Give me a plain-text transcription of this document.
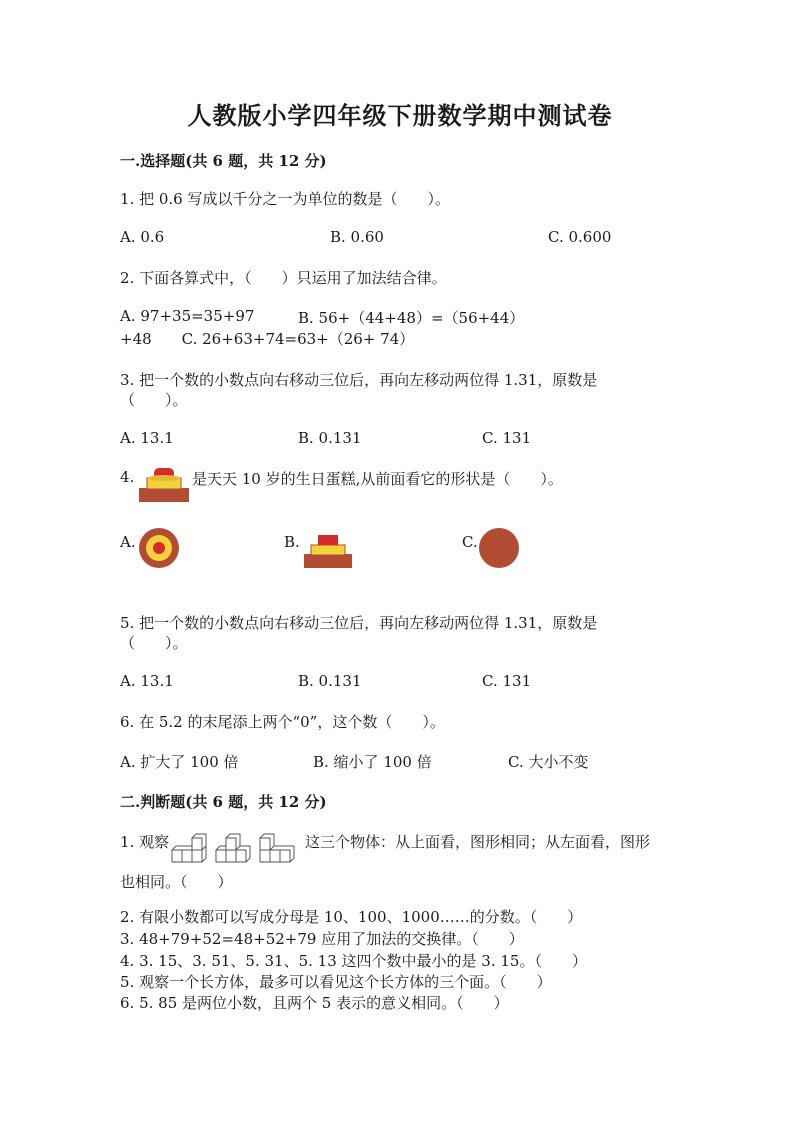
人教版小学四年级下册数学期中测试卷
一.选择题(共 6 题，共 12 分)
1. 把 0.6 写成以千分之一为单位的数是（　　）。
A. 0.6	B. 0.60	C. 0.600
2. 下面各算式中，（　　）只运用了加法结合律。
A. 97+35=35+97	B. 56+（44+48）=（56+44）
+48　　C. 26+63+74=63+（26+ 74）
3. 把一个数的小数点向右移动三位后，再向左移动两位得 1.31，原数是
（　　）。
A. 13.1	B. 0.131	C. 131
4.	是天天 10 岁的生日蛋糕,从前面看它的形状是（　　）。
A.	B.	C.
5. 把一个数的小数点向右移动三位后，再向左移动两位得 1.31，原数是
（　　）。
A. 13.1	B. 0.131	C. 131
6. 在 5.2 的末尾添上两个“0”，这个数（　　）。
A. 扩大了 100 倍	B. 缩小了 100 倍	C. 大小不变
二.判断题(共 6 题，共 12 分)
1. 观察	这三个物体：从上面看，图形相同；从左面看，图形
也相同。（　　）
2. 有限小数都可以写成分母是 10、100、1000……的分数。（　　）
3. 48+79+52=48+52+79 应用了加法的交换律。（　　）
4. 3. 15、3. 51、5. 31、5. 13 这四个数中最小的是 3. 15。（　　）
5. 观察一个长方体，最多可以看见这个长方体的三个面。（　　）
6. 5. 85 是两位小数，且两个 5 表示的意义相同。（　　）
